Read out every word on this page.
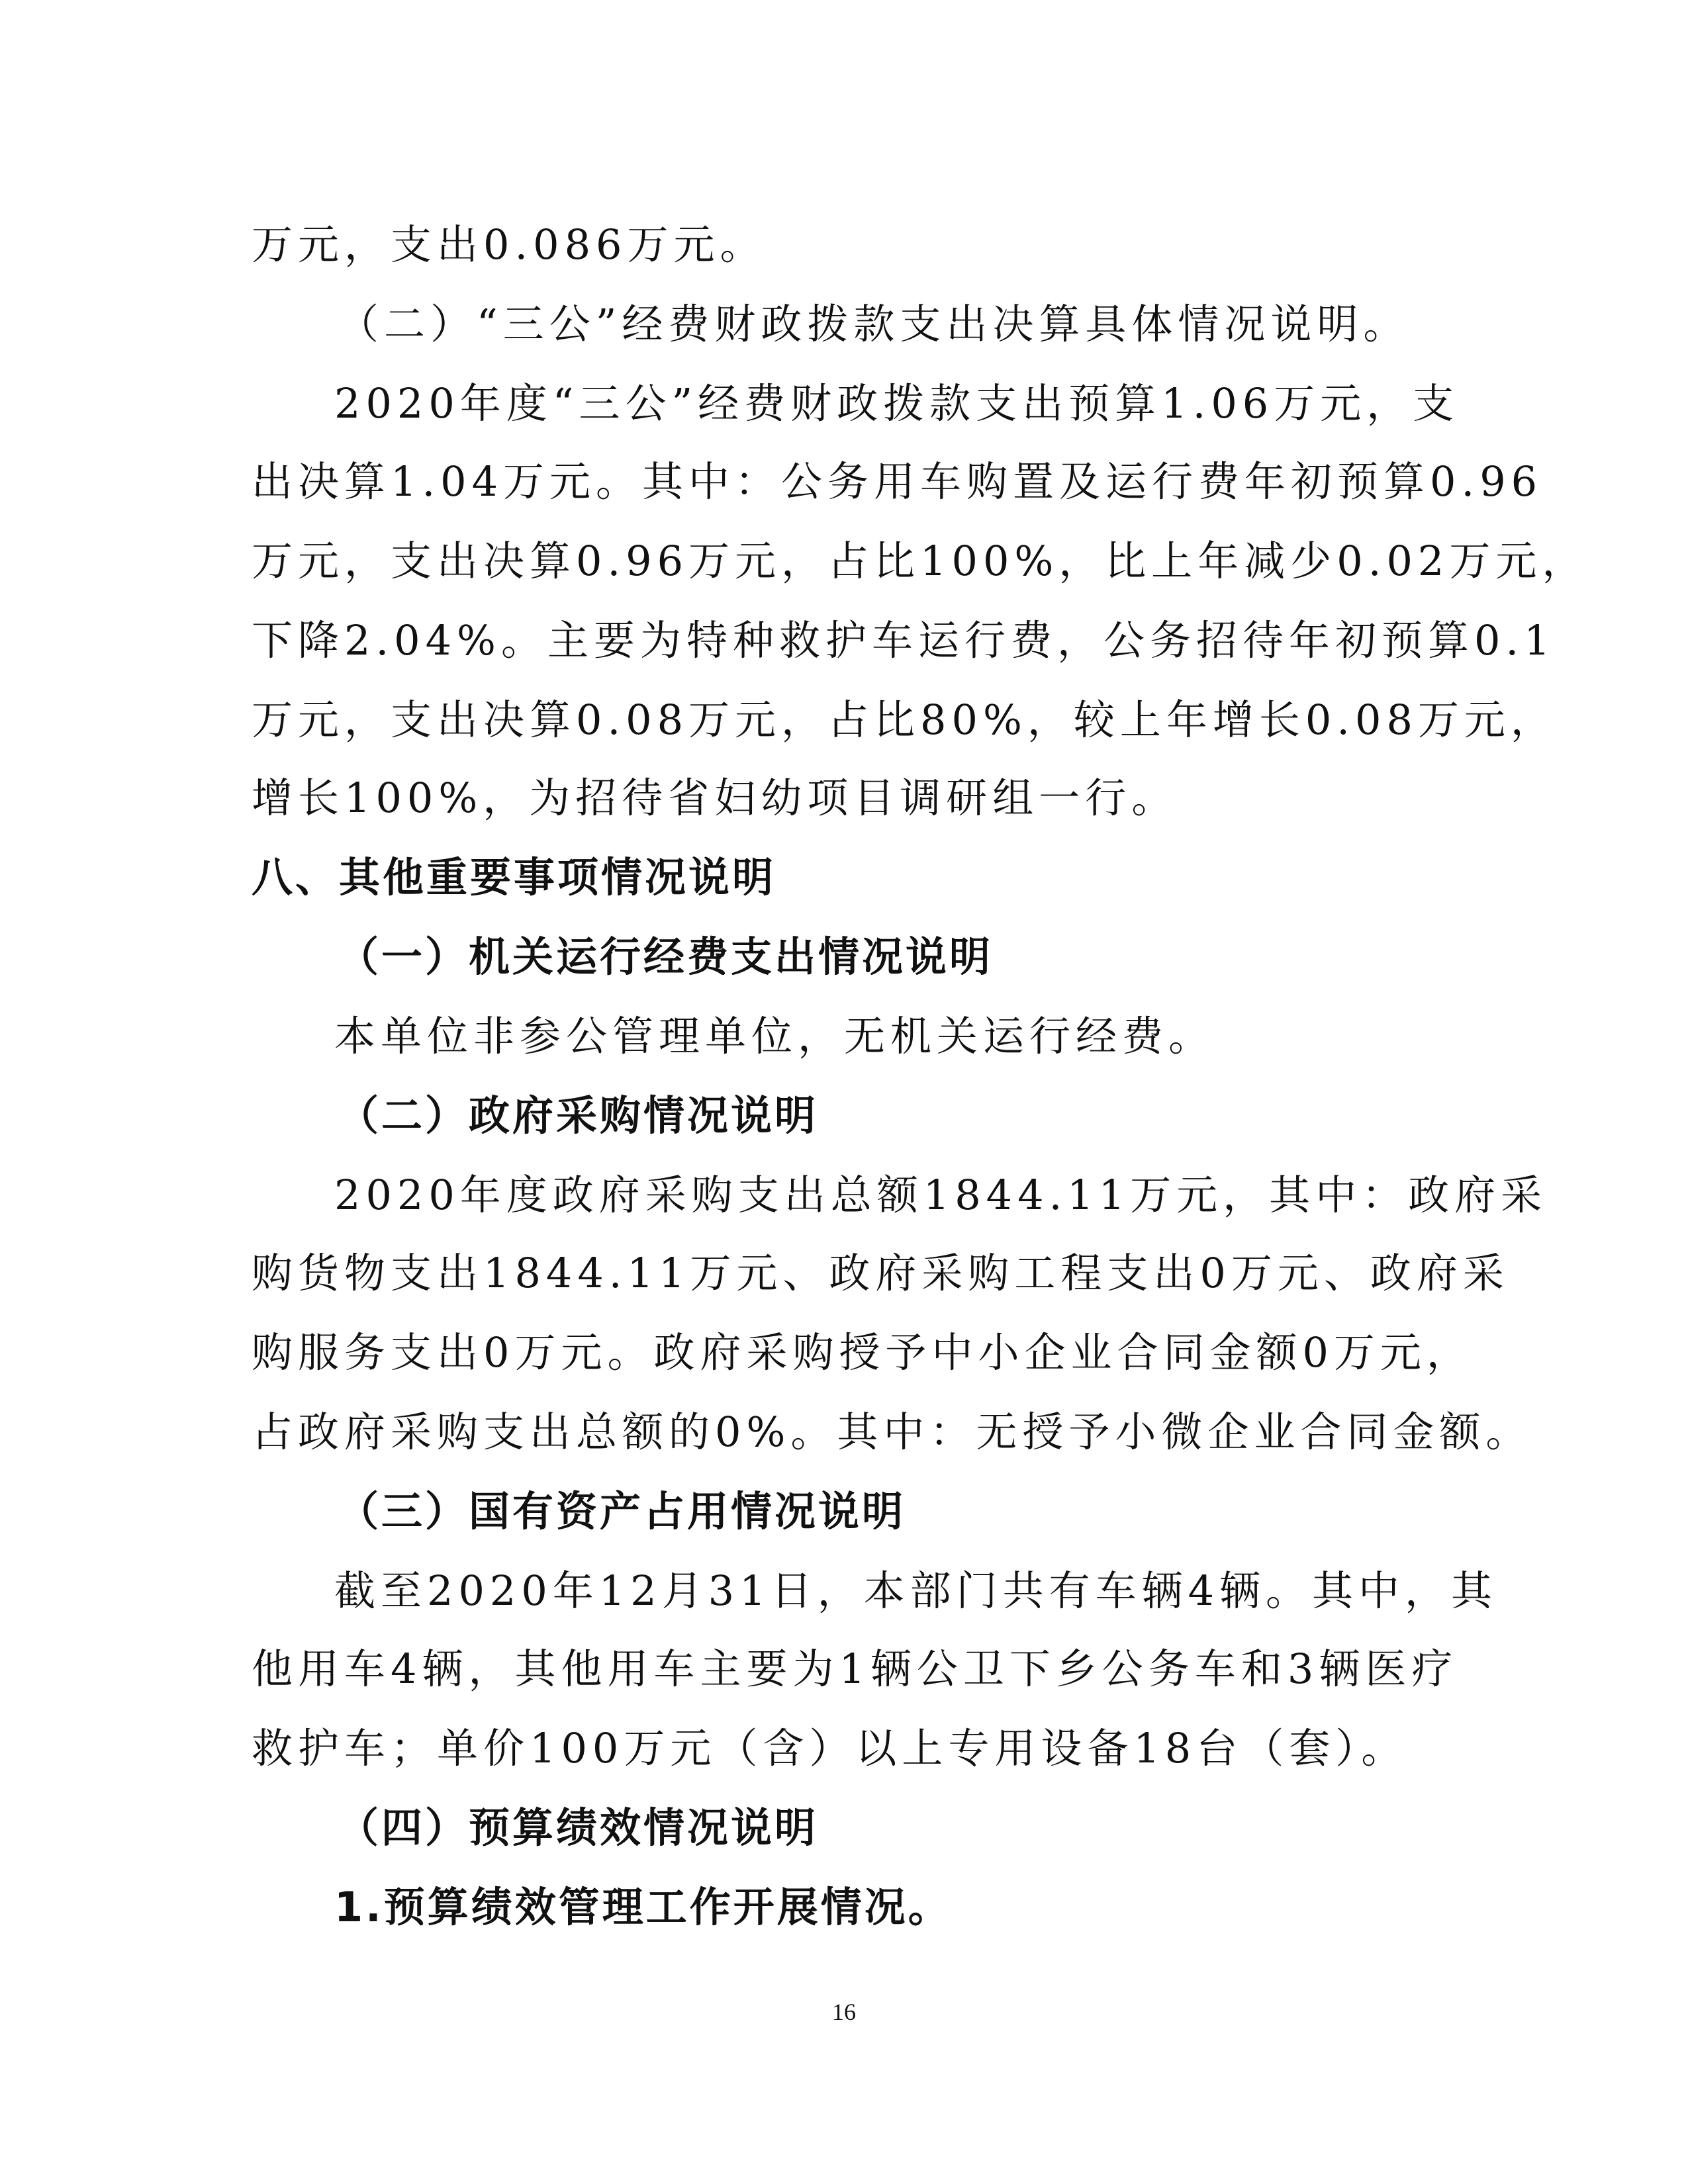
万元，支出0.086万元。
（二）“三公”经费财政拨款支出决算具体情况说明。
2020年度“三公”经费财政拨款支出预算1.06万元，支
出决算1.04万元。其中：公务用车购置及运行费年初预算0.96
万元，支出决算0.96万元，占比100%，比上年减少0.02万元，
下降2.04%。主要为特种救护车运行费，公务招待年初预算0.1
万元，支出决算0.08万元，占比80%，较上年增长0.08万元，
增长100%，为招待省妇幼项目调研组一行。
八、其他重要事项情况说明
（一）机关运行经费支出情况说明
本单位非参公管理单位，无机关运行经费。
（二）政府采购情况说明
2020年度政府采购支出总额1844.11万元，其中：政府采
购货物支出1844.11万元、政府采购工程支出0万元、政府采
购服务支出0万元。政府采购授予中小企业合同金额0万元，
占政府采购支出总额的0%。其中：无授予小微企业合同金额。
（三）国有资产占用情况说明
截至2020年12月31日，本部门共有车辆4辆。其中，其
他用车4辆，其他用车主要为1辆公卫下乡公务车和3辆医疗
救护车；单价100万元（含）以上专用设备18台（套）。
（四）预算绩效情况说明
1.预算绩效管理工作开展情况。
16
